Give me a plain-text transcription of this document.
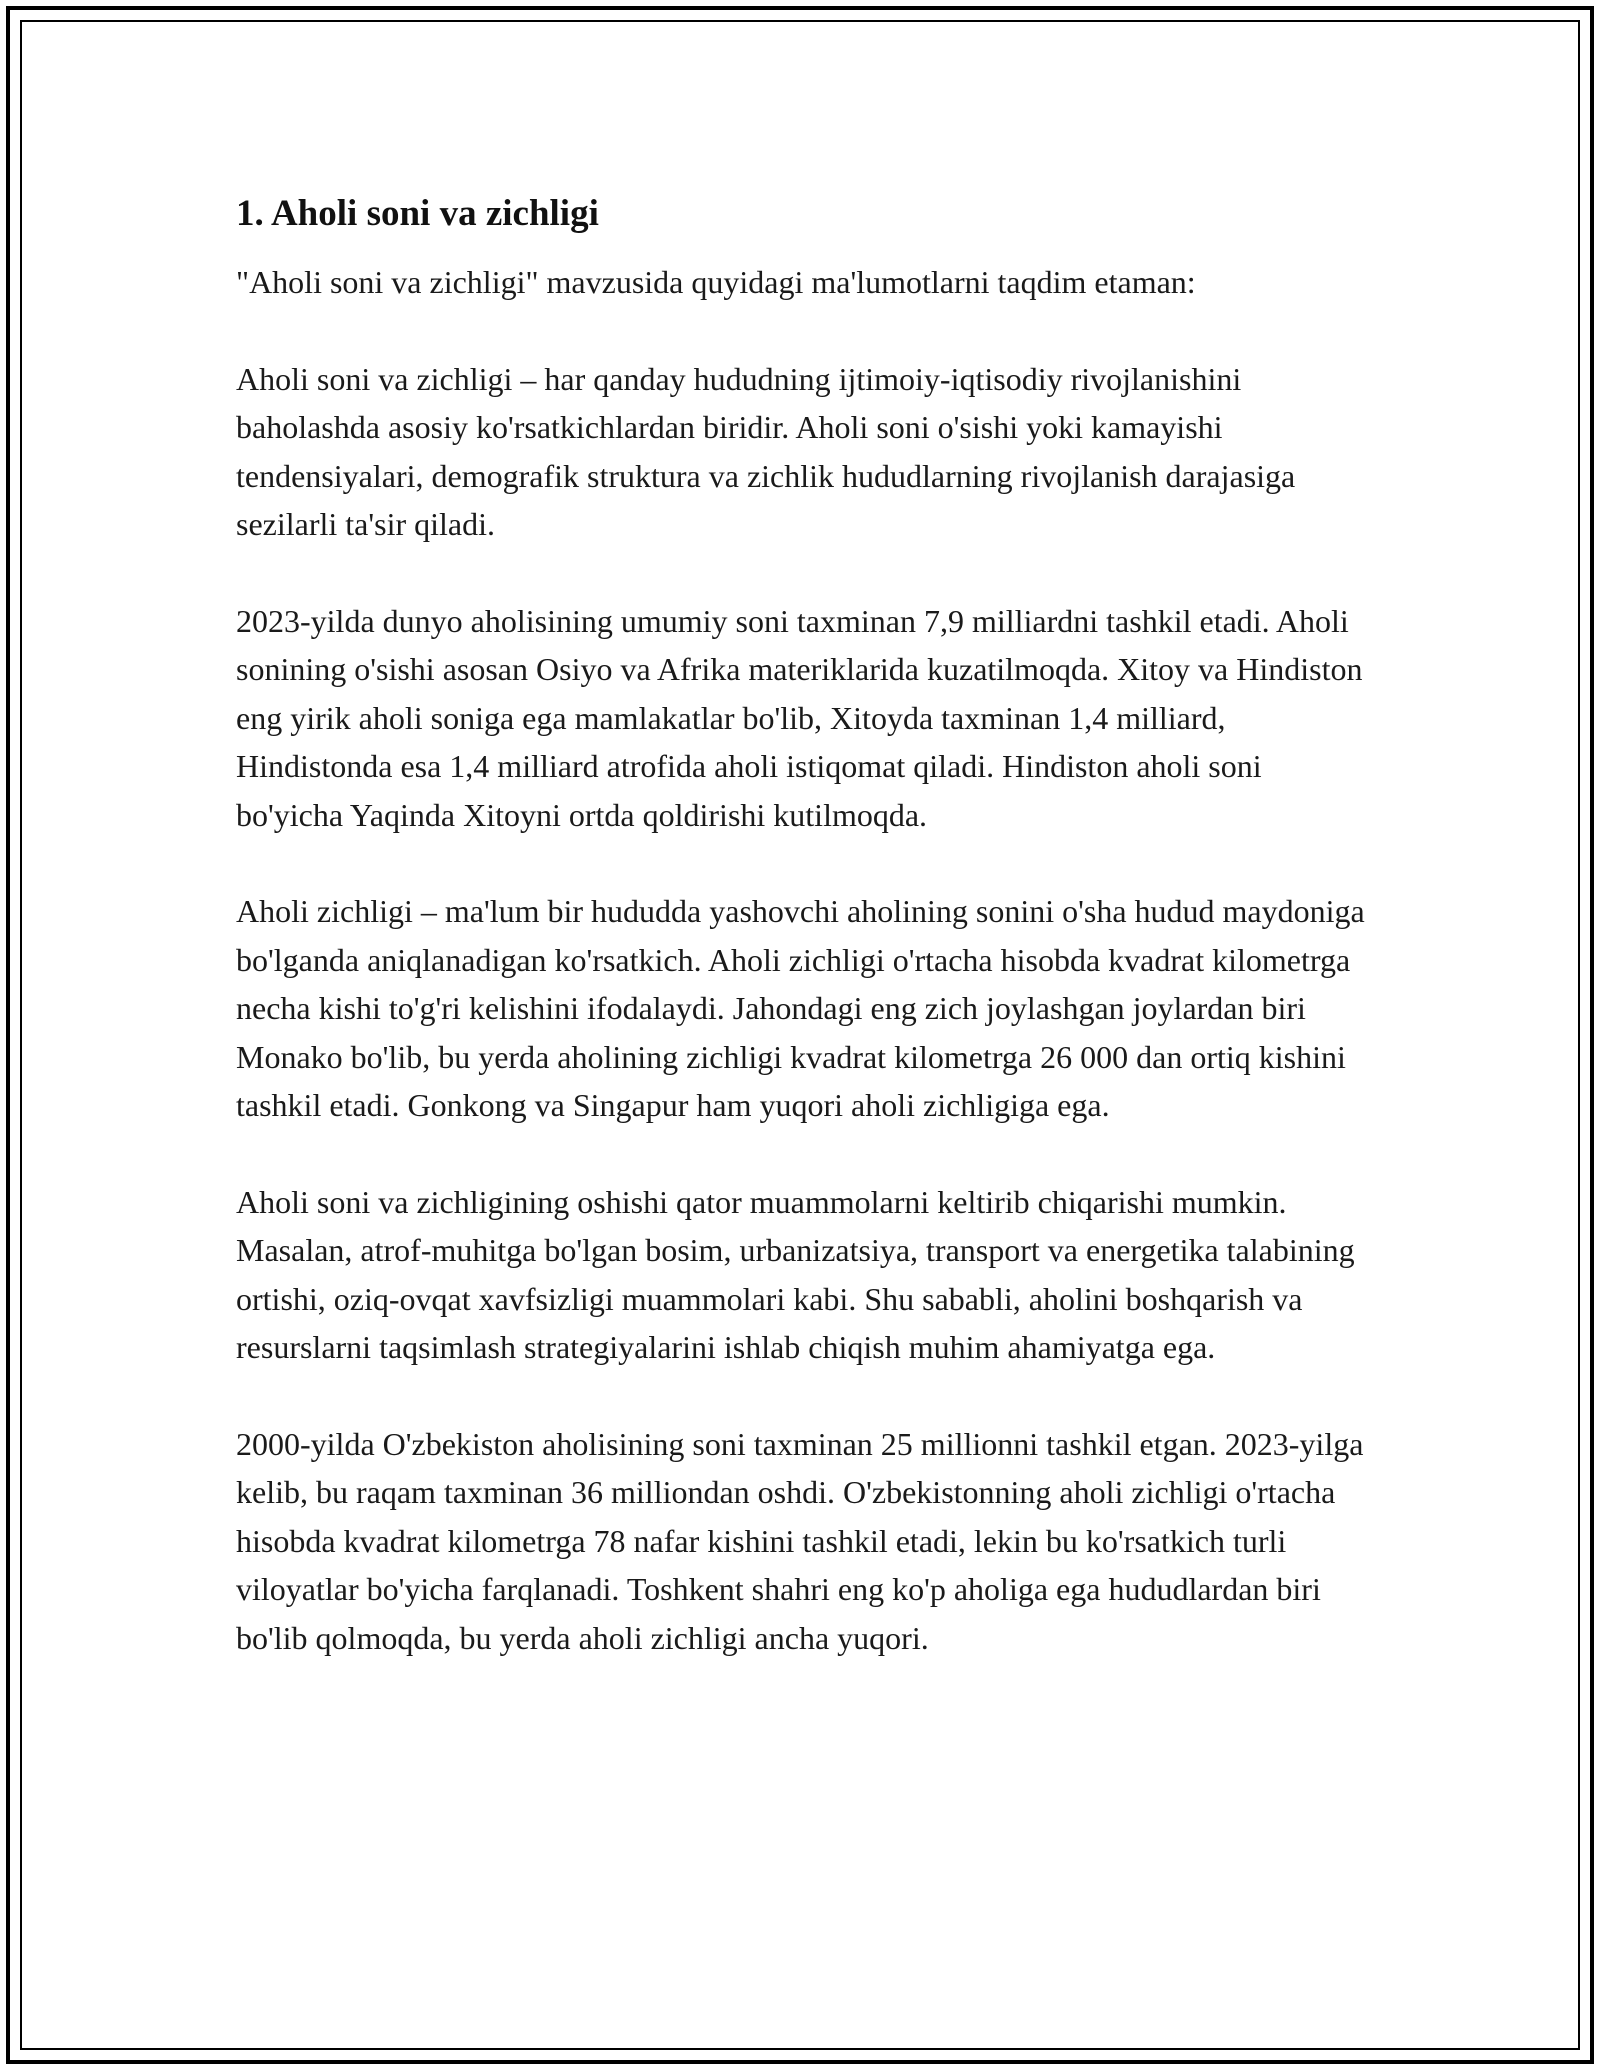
1. Aholi soni va zichligi

"Aholi soni va zichligi" mavzusida quyidagi ma'lumotlarni taqdim etaman:

Aholi soni va zichligi – har qanday hududning ijtimoiy-iqtisodiy rivojlanishini baholashda asosiy ko'rsatkichlardan biridir. Aholi soni o'sishi yoki kamayishi tendensiyalari, demografik struktura va zichlik hududlarning rivojlanish darajasiga sezilarli ta'sir qiladi.

2023-yilda dunyo aholisining umumiy soni taxminan 7,9 milliardni tashkil etadi. Aholi sonining o'sishi asosan Osiyo va Afrika materiklarida kuzatilmoqda. Xitoy va Hindiston eng yirik aholi soniga ega mamlakatlar bo'lib, Xitoyda taxminan 1,4 milliard, Hindistonda esa 1,4 milliard atrofida aholi istiqomat qiladi. Hindiston aholi soni bo'yicha Yaqinda Xitoyni ortda qoldirishi kutilmoqda.

Aholi zichligi – ma'lum bir hududda yashovchi aholining sonini o'sha hudud maydoniga bo'lganda aniqlanadigan ko'rsatkich. Aholi zichligi o'rtacha hisobda kvadrat kilometrga necha kishi to'g'ri kelishini ifodalaydi. Jahondagi eng zich joylashgan joylardan biri Monako bo'lib, bu yerda aholining zichligi kvadrat kilometrga 26 000 dan ortiq kishini tashkil etadi. Gonkong va Singapur ham yuqori aholi zichligiga ega.

Aholi soni va zichligining oshishi qator muammolarni keltirib chiqarishi mumkin. Masalan, atrof-muhitga bo'lgan bosim, urbanizatsiya, transport va energetika talabining ortishi, oziq-ovqat xavfsizligi muammolari kabi. Shu sababli, aholini boshqarish va resurslarni taqsimlash strategiyalarini ishlab chiqish muhim ahamiyatga ega.

2000-yilda O'zbekiston aholisining soni taxminan 25 millionni tashkil etgan. 2023-yilga kelib, bu raqam taxminan 36 milliondan oshdi. O'zbekistonning aholi zichligi o'rtacha hisobda kvadrat kilometrga 78 nafar kishini tashkil etadi, lekin bu ko'rsatkich turli viloyatlar bo'yicha farqlanadi. Toshkent shahri eng ko'p aholiga ega hududlardan biri bo'lib qolmoqda, bu yerda aholi zichligi ancha yuqori.
